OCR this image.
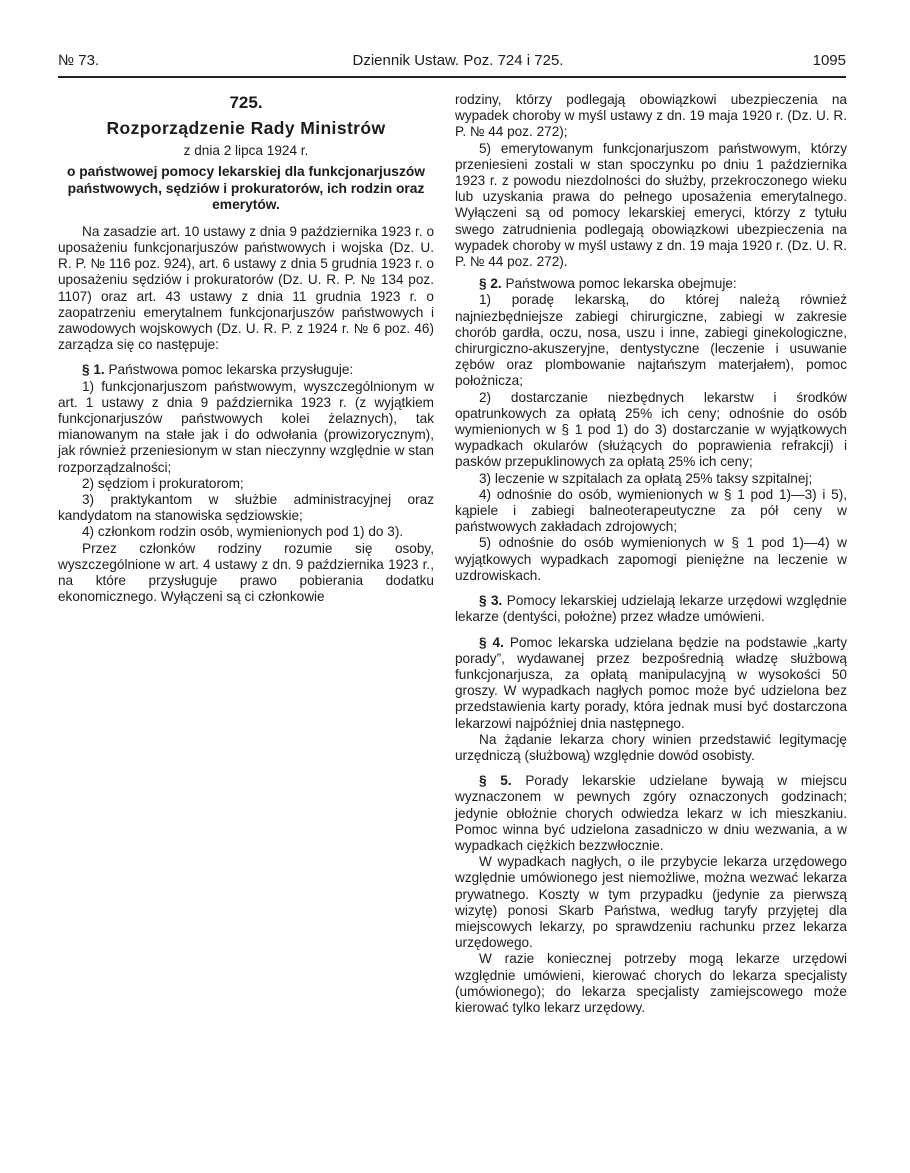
№ 73.	Dziennik Ustaw. Poz. 724 i 725.	1095

725.

Rozporządzenie Rady Ministrów

z dnia 2 lipca 1924 r.

o państwowej pomocy lekarskiej dla funkcjonarjuszów państwowych, sędziów i prokuratorów, ich rodzin oraz emerytów.

Na zasadzie art. 10 ustawy z dnia 9 października 1923 r. o uposażeniu funkcjonarjuszów państwowych i wojska (Dz. U. R. P. № 116 poz. 924), art. 6 ustawy z dnia 5 grudnia 1923 r. o uposażeniu sędziów i prokuratorów (Dz. U. R. P. № 134 poz. 1107) oraz art. 43 ustawy z dnia 11 grudnia 1923 r. o zaopatrzeniu emerytalnem funkcjonarjuszów państwowych i zawodowych wojskowych (Dz. U. R. P. z 1924 r. № 6 poz. 46) zarządza się co następuje:

§ 1. Państwowa pomoc lekarska przysługuje:

1) funkcjonarjuszom państwowym, wyszczególnionym w art. 1 ustawy z dnia 9 października 1923 r. (z wyjątkiem funkcjonarjuszów państwowych kolei żelaznych), tak mianowanym na stałe jak i do odwołania (prowizorycznym), jak również przeniesionym w stan nieczynny względnie w stan rozporządzalności;

2) sędziom i prokuratorom;

3) praktykantom w służbie administracyjnej oraz kandydatom na stanowiska sędziowskie;

4) członkom rodzin osób, wymienionych pod 1) do 3).

Przez członków rodziny rozumie się osoby, wyszczególnione w art. 4 ustawy z dn. 9 października 1923 r., na które przysługuje prawo pobierania dodatku ekonomicznego. Wyłączeni są ci członkowie

rodziny, którzy podlegają obowiązkowi ubezpieczenia na wypadek choroby w myśl ustawy z dn. 19 maja 1920 r. (Dz. U. R. P. № 44 poz. 272);

5) emerytowanym funkcjonarjuszom państwowym, którzy przeniesieni zostali w stan spoczynku po dniu 1 października 1923 r. z powodu niezdolności do służby, przekroczonego wieku lub uzyskania prawa do pełnego uposażenia emerytalnego. Wyłączeni są od pomocy lekarskiej emeryci, którzy z tytułu swego zatrudnienia podlegają obowiązkowi ubezpieczenia na wypadek choroby w myśl ustawy z dn. 19 maja 1920 r. (Dz. U. R. P. № 44 poz. 272).

§ 2. Państwowa pomoc lekarska obejmuje:

1) poradę lekarską, do której należą również najniezbędniejsze zabiegi chirurgiczne, zabiegi w zakresie chorób gardła, oczu, nosa, uszu i inne, zabiegi ginekologiczne, chirurgiczno-akuszeryjne, dentystyczne (leczenie i usuwanie zębów oraz plombowanie najtańszym materjałem), pomoc położnicza;

2) dostarczanie niezbędnych lekarstw i środków opatrunkowych za opłatą 25% ich ceny; odnośnie do osób wymienionych w § 1 pod 1) do 3) dostarczanie w wyjątkowych wypadkach okularów (służących do poprawienia refrakcji) i pasków przepuklinowych za opłatą 25% ich ceny;

3) leczenie w szpitalach za opłatą 25% taksy szpitalnej;

4) odnośnie do osób, wymienionych w § 1 pod 1)—3) i 5), kąpiele i zabiegi balneoterapeutyczne za pół ceny w państwowych zakładach zdrojowych;

5) odnośnie do osób wymienionych w § 1 pod 1)—4) w wyjątkowych wypadkach zapomogi pieniężne na leczenie w uzdrowiskach.

§ 3. Pomocy lekarskiej udzielają lekarze urzędowi względnie lekarze (dentyści, położne) przez władze umówieni.

§ 4. Pomoc lekarska udzielana będzie na podstawie „karty porady”, wydawanej przez bezpośrednią władzę służbową funkcjonarjusza, za opłatą manipulacyjną w wysokości 50 groszy. W wypadkach nagłych pomoc może być udzielona bez przedstawienia karty porady, która jednak musi być dostarczona lekarzowi najpóźniej dnia następnego.

Na żądanie lekarza chory winien przedstawić legitymację urzędniczą (służbową) względnie dowód osobisty.

§ 5. Porady lekarskie udzielane bywają w miejscu wyznaczonem w pewnych zgóry oznaczonych godzinach; jedynie obłożnie chorych odwiedza lekarz w ich mieszkaniu. Pomoc winna być udzielona zasadniczo w dniu wezwania, a w wypadkach ciężkich bezzwłocznie.

W wypadkach nagłych, o ile przybycie lekarza urzędowego względnie umówionego jest niemożliwe, można wezwać lekarza prywatnego. Koszty w tym przypadku (jedynie za pierwszą wizytę) ponosi Skarb Państwa, według taryfy przyjętej dla miejscowych lekarzy, po sprawdzeniu rachunku przez lekarza urzędowego.

W razie koniecznej potrzeby mogą lekarze urzędowi względnie umówieni, kierować chorych do lekarza specjalisty (umówionego); do lekarza specjalisty zamiejscowego może kierować tylko lekarz urzędowy.
